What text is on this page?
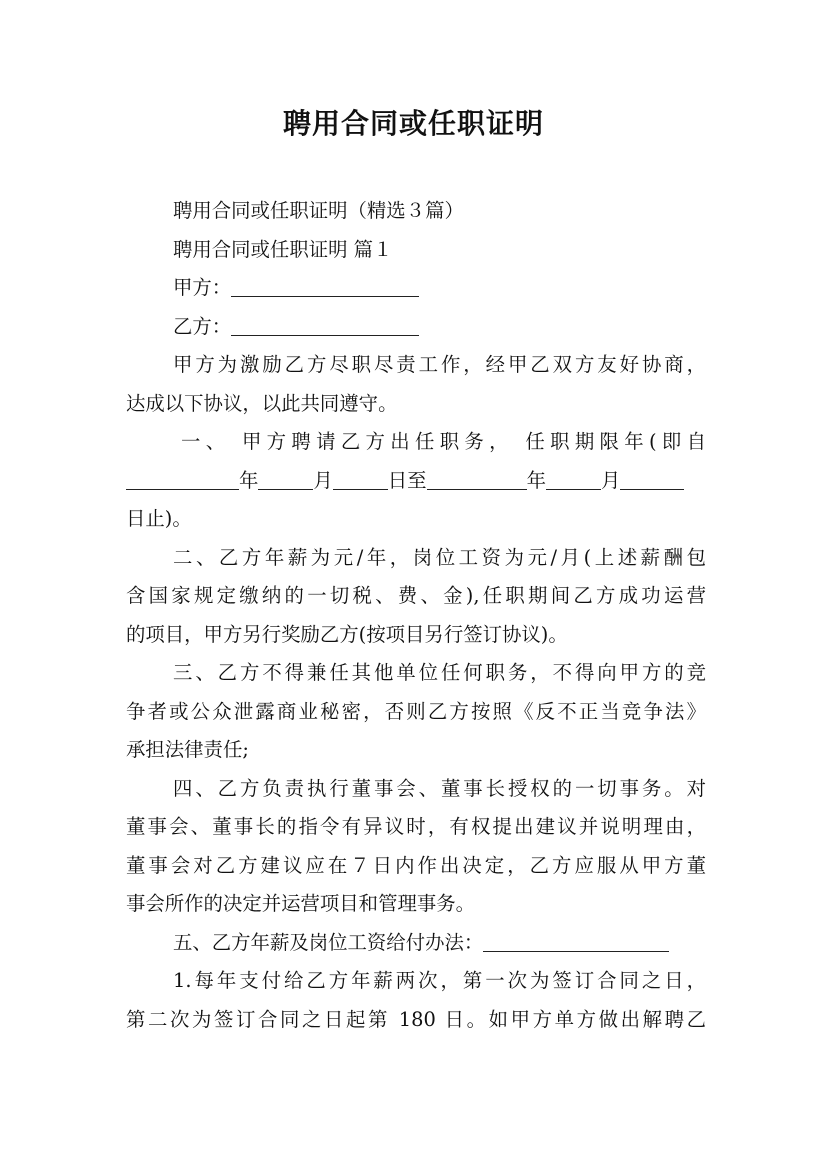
聘用合同或任职证明
聘用合同或任职证明（精选３篇）
聘用合同或任职证明 篇１
甲方：
乙方：
甲方为激励乙方尽职尽责工作，经甲乙双方友好协商，
达成以下协议，以此共同遵守。
一、 甲方聘请乙方出任职务， 任职期限年(即自
年	月	日至	年	月
日止)。
二、乙方年薪为元/年，岗位工资为元/月(上述薪酬包
含国家规定缴纳的一切税、费、金),任职期间乙方成功运营
的项目，甲方另行奖励乙方(按项目另行签订协议)。
三、乙方不得兼任其他单位任何职务，不得向甲方的竞
争者或公众泄露商业秘密，否则乙方按照《反不正当竞争法》
承担法律责任;
四、乙方负责执行董事会、董事长授权的一切事务。对
董事会、董事长的指令有异议时，有权提出建议并说明理由，
董事会对乙方建议应在７日内作出决定，乙方应服从甲方董
事会所作的决定并运营项目和管理事务。
五、乙方年薪及岗位工资给付办法：
1.每年支付给乙方年薪两次，第一次为签订合同之日，
第二次为签订合同之日起第 180 日。如甲方单方做出解聘乙
